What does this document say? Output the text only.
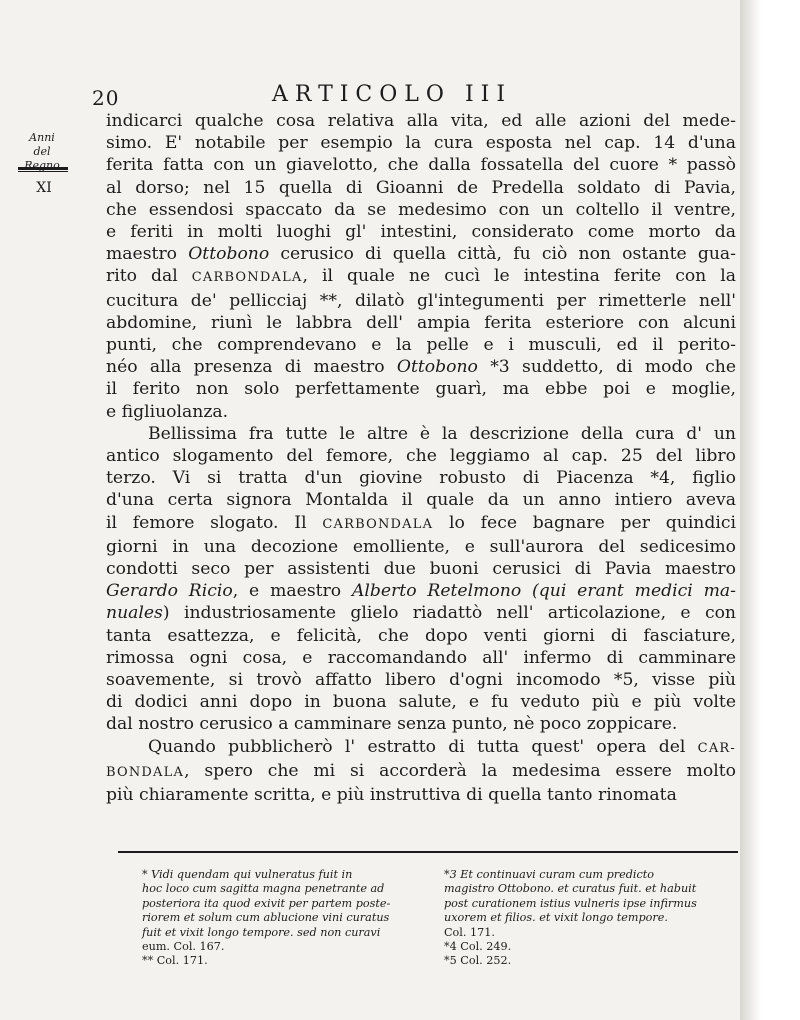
20	ARTICOLO III
Anni
del Regno
XI
indicarci qualche cosa relativa alla vita, ed alle azioni del mede-
simo. E' notabile per esempio la cura esposta nel cap. 14 d'una
ferita fatta con un giavelotto, che dalla fossatella del cuore * passò
al dorso; nel 15 quella di Gioanni de Predella soldato di Pavia,
che essendosi spaccato da se medesimo con un coltello il ventre,
e feriti in molti luoghi gl' intestini, considerato come morto da
maestro Ottobono cerusico di quella città, fu ciò non ostante gua-
rito dal CARBONDALA, il quale ne cucì le intestina ferite con la
cucitura de' pellicciaj **, dilatò gl'integumenti per rimetterle nell'
abdomine, riunì le labbra dell' ampia ferita esteriore con alcuni
punti, che comprendevano e la pelle e i musculi, ed il perito-
néo alla presenza di maestro Ottobono *3 suddetto, di modo che
il ferito non solo perfettamente guarì, ma ebbe poi e moglie,
e figliuolanza.
Bellissima fra tutte le altre è la descrizione della cura d' un
antico slogamento del femore, che leggiamo al cap. 25 del libro
terzo. Vi si tratta d'un giovine robusto di Piacenza *4, figlio
d'una certa signora Montalda il quale da un anno intiero aveva
il femore slogato. Il CARBONDALA lo fece bagnare per quindici
giorni in una decozione emolliente, e sull'aurora del sedicesimo
condotti seco per assistenti due buoni cerusici di Pavia maestro
Gerardo Ricio, e maestro Alberto Retelmono (qui erant medici ma-
nuales) industriosamente glielo riadattò nell' articolazione, e con
tanta esattezza, e felicità, che dopo venti giorni di fasciature,
rimossa ogni cosa, e raccomandando all' infermo di camminare
soavemente, si trovò affatto libero d'ogni incomodo *5, visse più
di dodici anni dopo in buona salute, e fu veduto più e più volte
dal nostro cerusico a camminare senza punto, nè poco zoppicare.
Quando pubblicherò l' estratto di tutta quest' opera del CAR-
BONDALA, spero che mi si accorderà la medesima essere molto
più chiaramente scritta, e più instruttiva di quella tanto rinomata
* Vidi quendam qui vulneratus fuit in
hoc loco cum sagitta magna penetrante ad
posteriora ita quod exivit per partem poste-
riorem et solum cum ablucione vini curatus
fuit et vixit longo tempore. sed non curavi
eum. Col. 167.
** Col. 171.
*3 Et continuavi curam cum predicto
magistro Ottobono. et curatus fuit. et habuit
post curationem istius vulneris ipse infirmus
uxorem et filios. et vixit longo tempore.
Col. 171.
*4 Col. 249.
*5 Col. 252.
